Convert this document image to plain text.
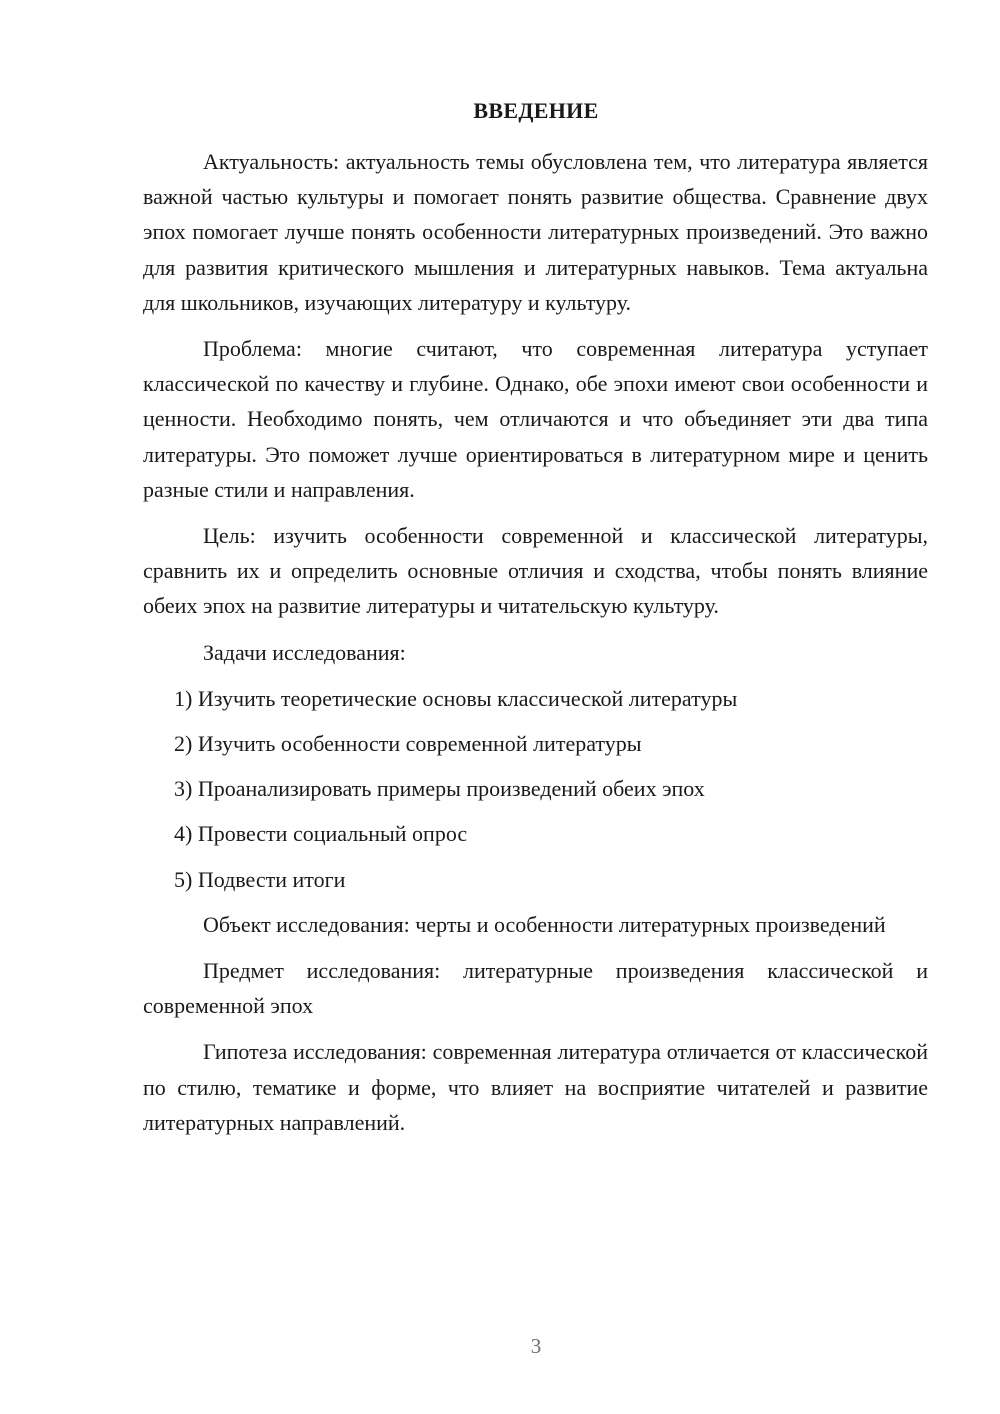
ВВЕДЕНИЕ

Актуальность: актуальность темы обусловлена тем, что литература является важной частью культуры и помогает понять развитие общества. Сравнение двух эпох помогает лучше понять особенности литературных произведений. Это важно для развития критического мышления и литературных навыков. Тема актуальна для школьников, изучающих литературу и культуру.

Проблема: многие считают, что современная литература уступает классической по качеству и глубине. Однако, обе эпохи имеют свои особенности и ценности. Необходимо понять, чем отличаются и что объединяет эти два типа литературы. Это поможет лучше ориентироваться в литературном мире и ценить разные стили и направления.

Цель: изучить особенности современной и классической литературы, сравнить их и определить основные отличия и сходства, чтобы понять влияние обеих эпох на развитие литературы и читательскую культуру.

Задачи исследования:

1) Изучить теоретические основы классической литературы
2) Изучить особенности современной литературы
3) Проанализировать примеры произведений обеих эпох
4) Провести социальный опрос
5) Подвести итоги

Объект исследования: черты и особенности литературных произведений

Предмет исследования: литературные произведения классической и современной эпох

Гипотеза исследования: современная литература отличается от классической по стилю, тематике и форме, что влияет на восприятие читателей и развитие литературных направлений.

3
